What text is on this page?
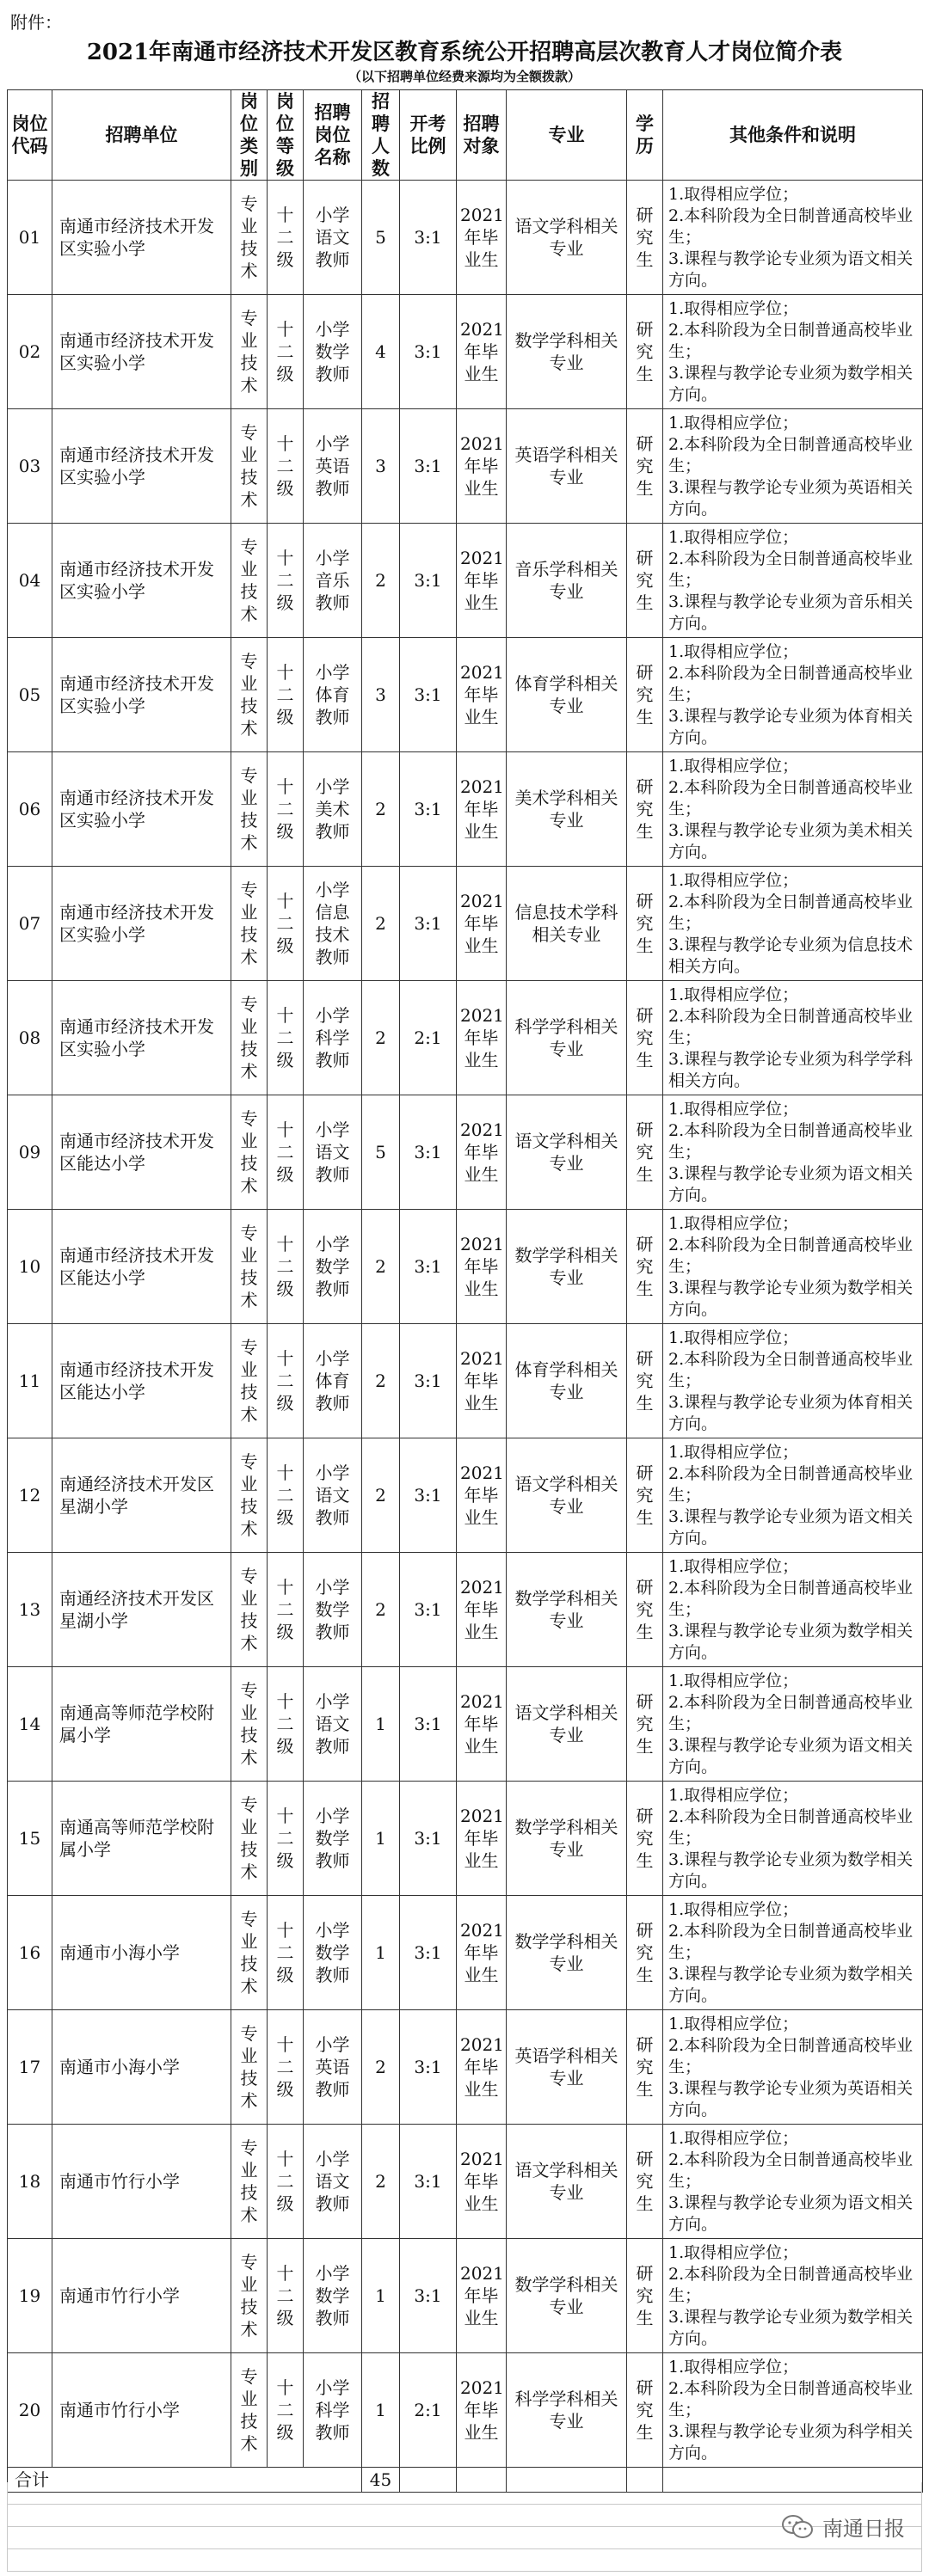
附件：
2021年南通市经济技术开发区教育系统公开招聘高层次教育人才岗位简介表
（以下招聘单位经费来源均为全额拨款）
岗位代码	招聘单位	岗位类别	岗位等级	招聘岗位名称	招聘人数	开考比例	招聘对象	专业	学历	其他条件和说明
01	南通市经济技术开发区实验小学	专业技术	十二级	小学语文教师	5	3:1	2021年毕业生	语文学科相关专业	研究生	1.取得相应学位；
2.本科阶段为全日制普通高校毕业生；
3.课程与教学论专业须为语文相关方向。
02	南通市经济技术开发区实验小学	专业技术	十二级	小学数学教师	4	3:1	2021年毕业生	数学学科相关专业	研究生	1.取得相应学位；
2.本科阶段为全日制普通高校毕业生；
3.课程与教学论专业须为数学相关方向。
03	南通市经济技术开发区实验小学	专业技术	十二级	小学英语教师	3	3:1	2021年毕业生	英语学科相关专业	研究生	1.取得相应学位；
2.本科阶段为全日制普通高校毕业生；
3.课程与教学论专业须为英语相关方向。
04	南通市经济技术开发区实验小学	专业技术	十二级	小学音乐教师	2	3:1	2021年毕业生	音乐学科相关专业	研究生	1.取得相应学位；
2.本科阶段为全日制普通高校毕业生；
3.课程与教学论专业须为音乐相关方向。
05	南通市经济技术开发区实验小学	专业技术	十二级	小学体育教师	3	3:1	2021年毕业生	体育学科相关专业	研究生	1.取得相应学位；
2.本科阶段为全日制普通高校毕业生；
3.课程与教学论专业须为体育相关方向。
06	南通市经济技术开发区实验小学	专业技术	十二级	小学美术教师	2	3:1	2021年毕业生	美术学科相关专业	研究生	1.取得相应学位；
2.本科阶段为全日制普通高校毕业生；
3.课程与教学论专业须为美术相关方向。
07	南通市经济技术开发区实验小学	专业技术	十二级	小学信息技术教师	2	3:1	2021年毕业生	信息技术学科相关专业	研究生	1.取得相应学位；
2.本科阶段为全日制普通高校毕业生；
3.课程与教学论专业须为信息技术相关方向。
08	南通市经济技术开发区实验小学	专业技术	十二级	小学科学教师	2	2:1	2021年毕业生	科学学科相关专业	研究生	1.取得相应学位；
2.本科阶段为全日制普通高校毕业生；
3.课程与教学论专业须为科学学科相关方向。
09	南通市经济技术开发区能达小学	专业技术	十二级	小学语文教师	5	3:1	2021年毕业生	语文学科相关专业	研究生	1.取得相应学位；
2.本科阶段为全日制普通高校毕业生；
3.课程与教学论专业须为语文相关方向。
10	南通市经济技术开发区能达小学	专业技术	十二级	小学数学教师	2	3:1	2021年毕业生	数学学科相关专业	研究生	1.取得相应学位；
2.本科阶段为全日制普通高校毕业生；
3.课程与教学论专业须为数学相关方向。
11	南通市经济技术开发区能达小学	专业技术	十二级	小学体育教师	2	3:1	2021年毕业生	体育学科相关专业	研究生	1.取得相应学位；
2.本科阶段为全日制普通高校毕业生；
3.课程与教学论专业须为体育相关方向。
12	南通经济技术开发区星湖小学	专业技术	十二级	小学语文教师	2	3:1	2021年毕业生	语文学科相关专业	研究生	1.取得相应学位；
2.本科阶段为全日制普通高校毕业生；
3.课程与教学论专业须为语文相关方向。
13	南通经济技术开发区星湖小学	专业技术	十二级	小学数学教师	2	3:1	2021年毕业生	数学学科相关专业	研究生	1.取得相应学位；
2.本科阶段为全日制普通高校毕业生；
3.课程与教学论专业须为数学相关方向。
14	南通高等师范学校附属小学	专业技术	十二级	小学语文教师	1	3:1	2021年毕业生	语文学科相关专业	研究生	1.取得相应学位；
2.本科阶段为全日制普通高校毕业生；
3.课程与教学论专业须为语文相关方向。
15	南通高等师范学校附属小学	专业技术	十二级	小学数学教师	1	3:1	2021年毕业生	数学学科相关专业	研究生	1.取得相应学位；
2.本科阶段为全日制普通高校毕业生；
3.课程与教学论专业须为数学相关方向。
16	南通市小海小学	专业技术	十二级	小学数学教师	1	3:1	2021年毕业生	数学学科相关专业	研究生	1.取得相应学位；
2.本科阶段为全日制普通高校毕业生；
3.课程与教学论专业须为数学相关方向。
17	南通市小海小学	专业技术	十二级	小学英语教师	2	3:1	2021年毕业生	英语学科相关专业	研究生	1.取得相应学位；
2.本科阶段为全日制普通高校毕业生；
3.课程与教学论专业须为英语相关方向。
18	南通市竹行小学	专业技术	十二级	小学语文教师	2	3:1	2021年毕业生	语文学科相关专业	研究生	1.取得相应学位；
2.本科阶段为全日制普通高校毕业生；
3.课程与教学论专业须为语文相关方向。
19	南通市竹行小学	专业技术	十二级	小学数学教师	1	3:1	2021年毕业生	数学学科相关专业	研究生	1.取得相应学位；
2.本科阶段为全日制普通高校毕业生；
3.课程与教学论专业须为数学相关方向。
20	南通市竹行小学	专业技术	十二级	小学科学教师	1	2:1	2021年毕业生	科学学科相关专业	研究生	1.取得相应学位；
2.本科阶段为全日制普通高校毕业生；
3.课程与教学论专业须为科学相关方向。
合计					45					
南通日报
